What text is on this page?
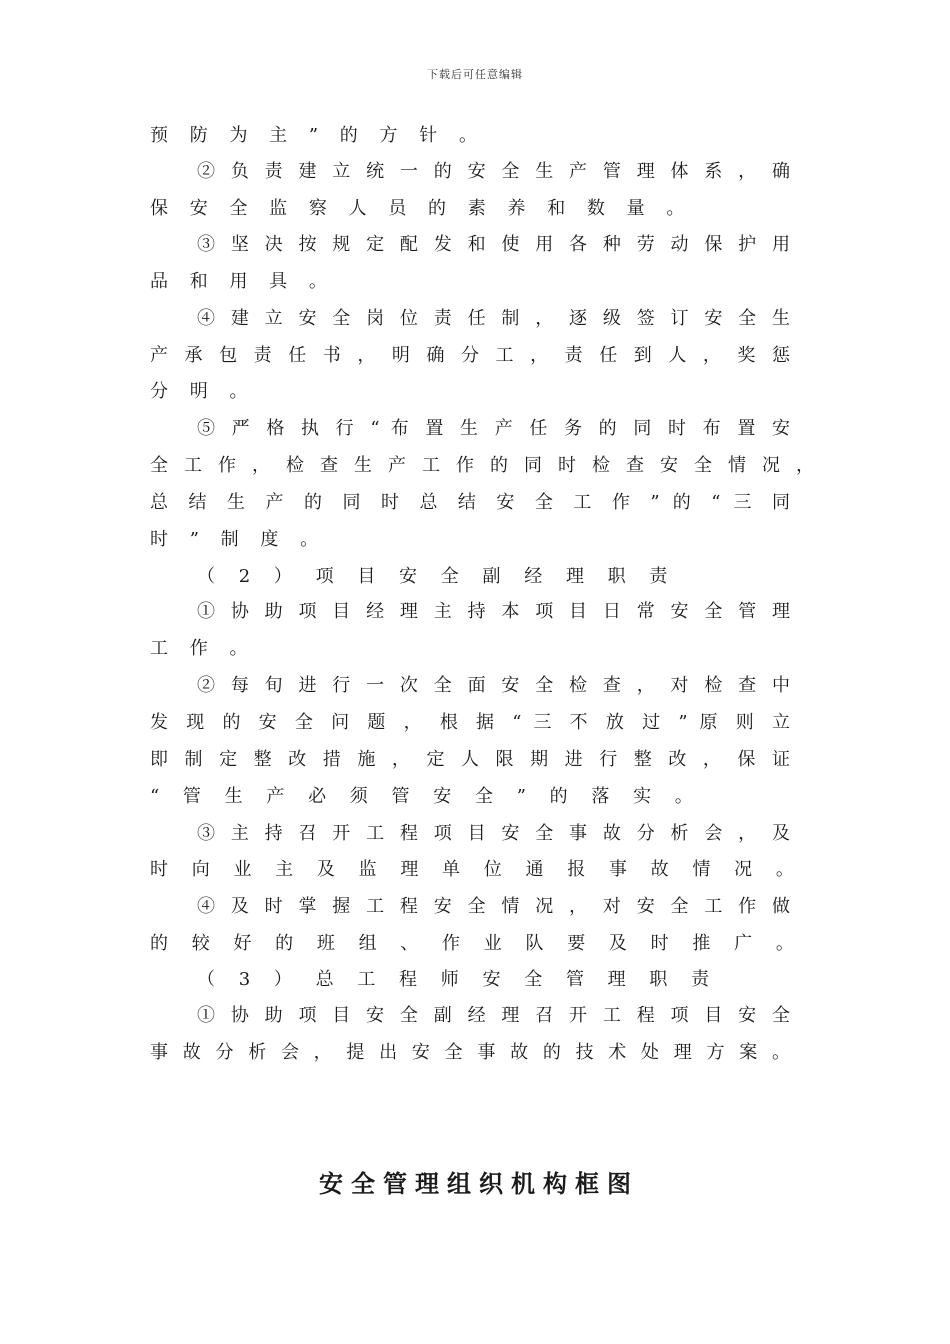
下载后可任意编辑
预 防 为 主 ” 的 方 针 。
② 负 责 建 立 统 一 的 安 全 生 产 管 理 体 系 ， 确
保 安 全 监 察 人 员 的 素 养 和 数 量 。
③ 坚 决 按 规 定 配 发 和 使 用 各 种 劳 动 保 护 用
品 和 用 具 。
④ 建 立 安 全 岗 位 责 任 制 ， 逐 级 签 订 安 全 生
产 承 包 责 任 书 ， 明 确 分 工 ， 责 任 到 人 ， 奖 惩
分 明 。
⑤ 严 格 执 行 “ 布 置 生 产 任 务 的 同 时 布 置 安
全 工 作 ， 检 查 生 产 工 作 的 同 时 检 查 安 全 情 况 ，
总 结 生 产 的 同 时 总 结 安 全 工 作 ” 的 “ 三 同
时 ” 制 度 。
（ 2 ） 项 目 安 全 副 经 理 职 责
① 协 助 项 目 经 理 主 持 本 项 目 日 常 安 全 管 理
工 作 。
② 每 旬 进 行 一 次 全 面 安 全 检 查 ， 对 检 查 中
发 现 的 安 全 问 题 ， 根 据 “ 三 不 放 过 ” 原 则 立
即 制 定 整 改 措 施 ， 定 人 限 期 进 行 整 改 ， 保 证
“ 管 生 产 必 须 管 安 全 ” 的 落 实 。
③ 主 持 召 开 工 程 项 目 安 全 事 故 分 析 会 ， 及
时 向 业 主 及 监 理 单 位 通 报 事 故 情 况 。
④ 及 时 掌 握 工 程 安 全 情 况 ， 对 安 全 工 作 做
的 较 好 的 班 组 、 作 业 队 要 及 时 推 广 。
（ 3 ） 总 工 程 师 安 全 管 理 职 责
① 协 助 项 目 安 全 副 经 理 召 开 工 程 项 目 安 全
事 故 分 析 会 ， 提 出 安 全 事 故 的 技 术 处 理 方 案 。
安全管理组织机构框图
